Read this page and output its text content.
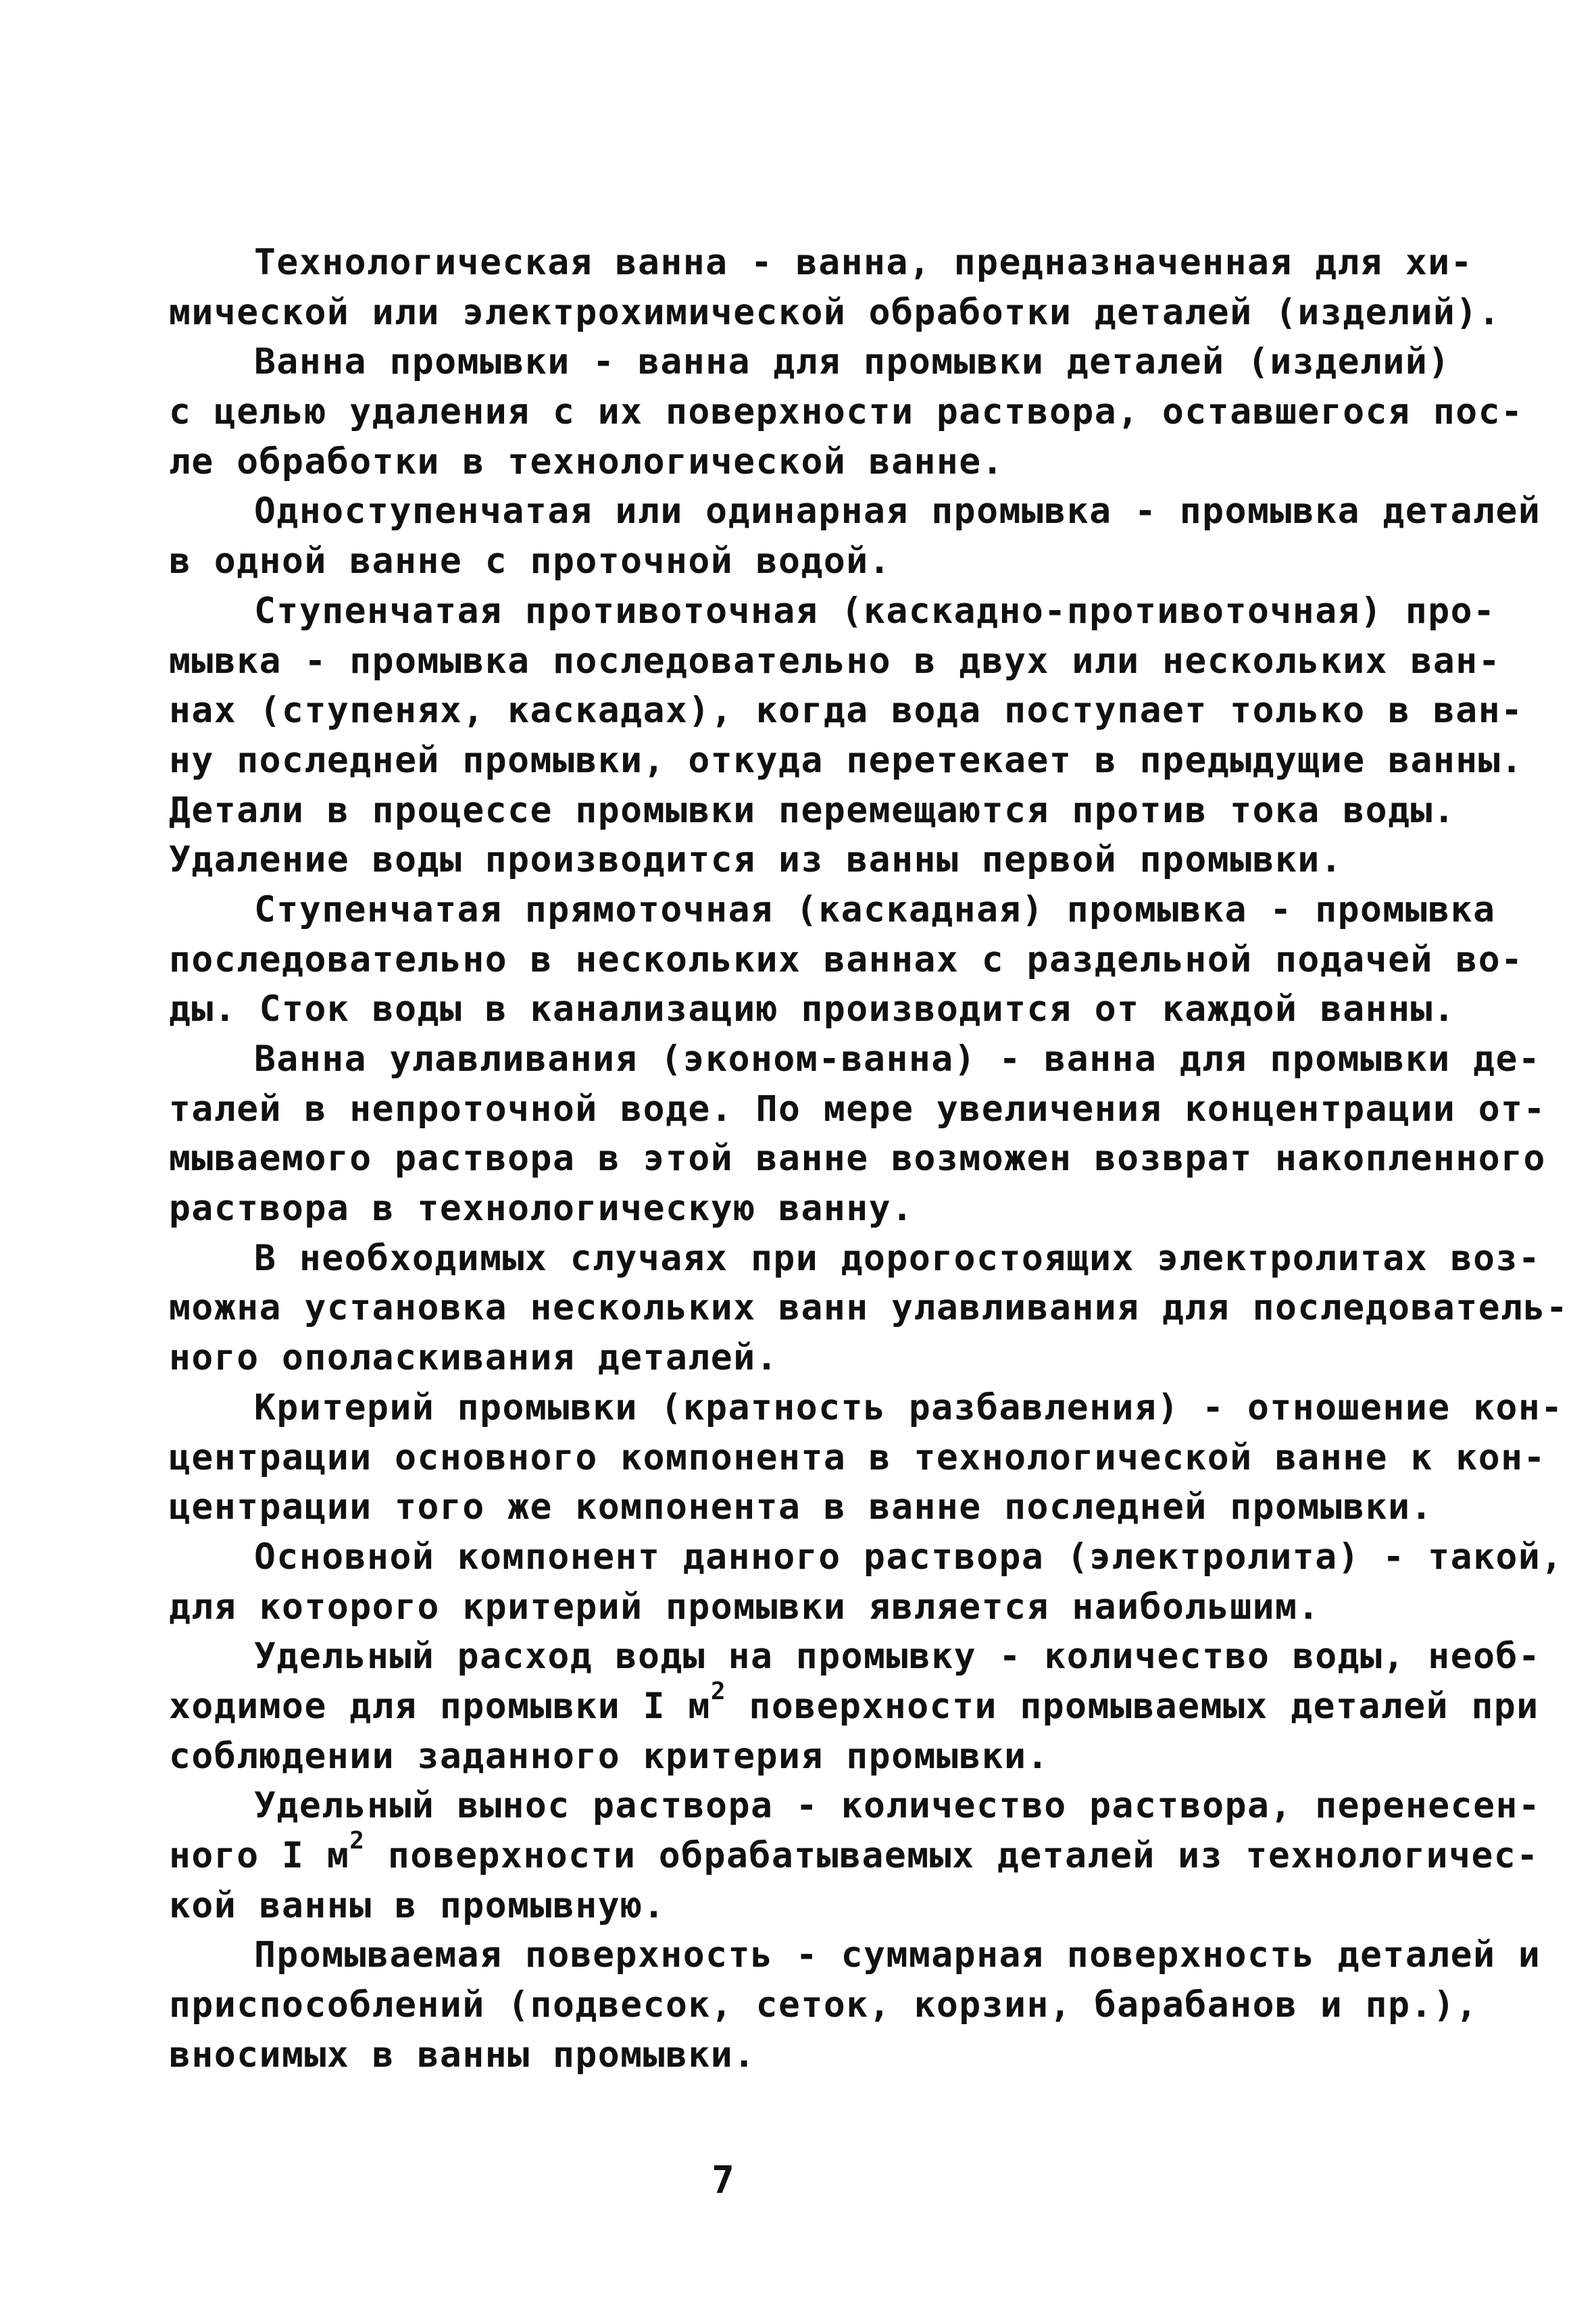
Технологическая ванна - ванна, предназначенная для хи-
мической или электрохимической обработки деталей (изделий).
Ванна промывки - ванна для промывки деталей (изделий)
с целью удаления с их поверхности раствора, оставшегося пос-
ле обработки в технологической ванне.
Одноступенчатая или одинарная промывка - промывка деталей
в одной ванне с проточной водой.
Ступенчатая противоточная (каскадно-противоточная) про-
мывка - промывка последовательно в двух или нескольких ван-
нах (ступенях, каскадах), когда вода поступает только в ван-
ну последней промывки, откуда перетекает в предыдущие ванны.
Детали в процессе промывки перемещаются против тока воды.
Удаление воды производится из ванны первой промывки.
Ступенчатая прямоточная (каскадная) промывка - промывка
последовательно в нескольких ваннах с раздельной подачей во-
ды. Сток воды в канализацию производится от каждой ванны.
Ванна улавливания (эконом-ванна) - ванна для промывки де-
талей в непроточной воде. По мере увеличения концентрации от-
мываемого раствора в этой ванне возможен возврат накопленного
раствора в технологическую ванну.
В необходимых случаях при дорогостоящих электролитах воз-
можна установка нескольких ванн улавливания для последователь-
ного ополаскивания деталей.
Критерий промывки (кратность разбавления) - отношение кон-
центрации основного компонента в технологической ванне к кон-
центрации того же компонента в ванне последней промывки.
Основной компонент данного раствора (электролита) - такой,
для которого критерий промывки является наибольшим.
Удельный расход воды на промывку - количество воды, необ-
ходимое для промывки I $м^2$ поверхности промываемых деталей при
соблюдении заданного критерия промывки.
Удельный вынос раствора - количество раствора, перенесен-
ного I $м^2$ поверхности обрабатываемых деталей из технологичес-
кой ванны в промывную.
Промываемая поверхность - суммарная поверхность деталей и
приспособлений (подвесок, сеток, корзин, барабанов и пр.),
вносимых в ванны промывки.
7
